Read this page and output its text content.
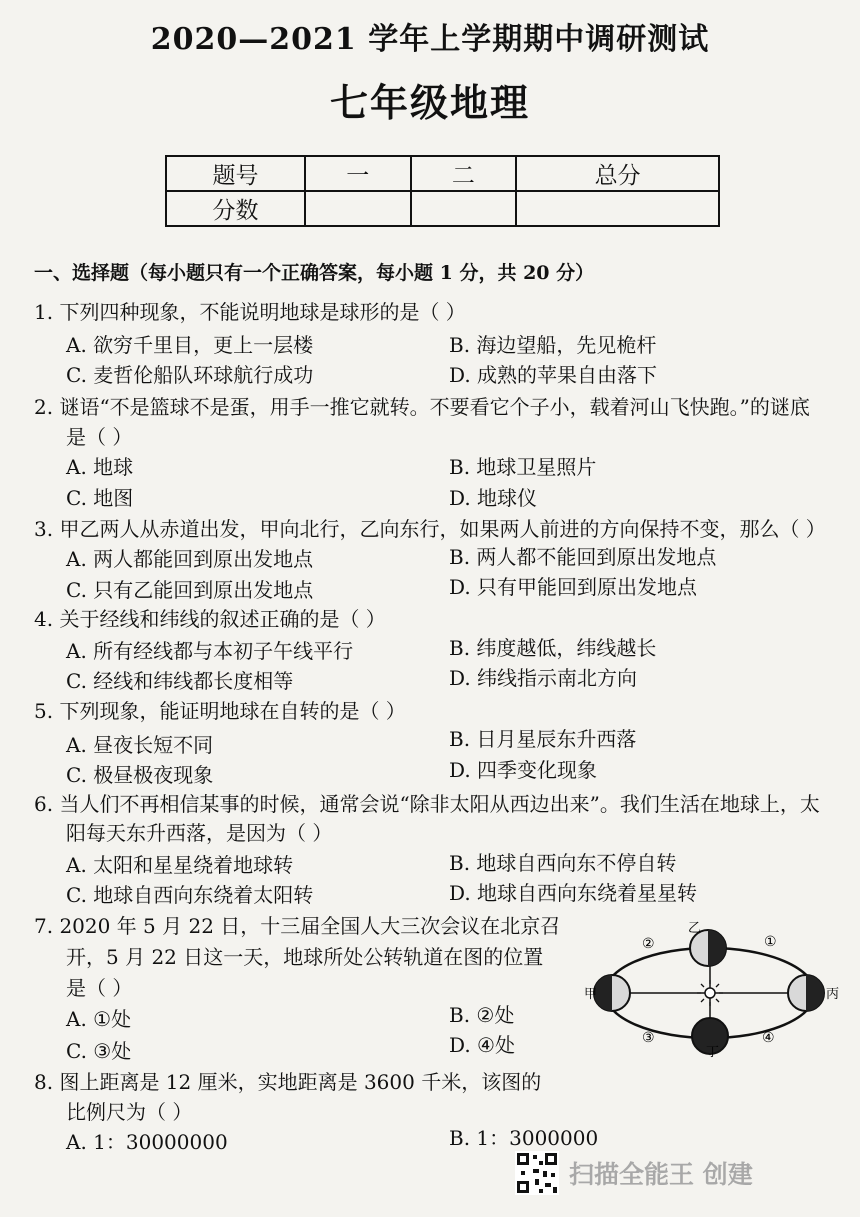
2020—2021 学年上学期期中调研测试
七年级地理
题号	一	二	总分
分数			
一、选择题（每小题只有一个正确答案，每小题 1 分，共 20 分）
1. 下列四种现象，不能说明地球是球形的是（ ）
A. 欲穷千里目，更上一层楼	B. 海边望船，先见桅杆
C. 麦哲伦船队环球航行成功	D. 成熟的苹果自由落下
2. 谜语“不是篮球不是蛋，用手一推它就转。不要看它个子小，载着河山飞快跑。”的谜底
是（ ）
A. 地球	B. 地球卫星照片
C. 地图	D. 地球仪
3. 甲乙两人从赤道出发，甲向北行，乙向东行，如果两人前进的方向保持不变，那么（ ）
A. 两人都能回到原出发地点	B. 两人都不能回到原出发地点
C. 只有乙能回到原出发地点	D. 只有甲能回到原出发地点
4. 关于经线和纬线的叙述正确的是（ ）
A. 所有经线都与本初子午线平行	B. 纬度越低，纬线越长
C. 经线和纬线都长度相等	D. 纬线指示南北方向
5. 下列现象，能证明地球在自转的是（ ）
A. 昼夜长短不同	B. 日月星辰东升西落
C. 极昼极夜现象	D. 四季变化现象
6. 当人们不再相信某事的时候，通常会说“除非太阳从西边出来”。我们生活在地球上，太
阳每天东升西落，是因为（ ）
A. 太阳和星星绕着地球转	B. 地球自西向东不停自转
C. 地球自西向东绕着太阳转	D. 地球自西向东绕着星星转
7. 2020 年 5 月 22 日，十三届全国人大三次会议在北京召
开，5 月 22 日这一天，地球所处公转轨道在图的位置
是（ ）
A. ①处	B. ②处
C. ③处	D. ④处
8. 图上距离是 12 厘米，实地距离是 3600 千米，该图的
比例尺为（ ）
A. 1：30000000	B. 1：3000000
乙
甲	丙
丁
①
②
③	④
扫描全能王 创建
